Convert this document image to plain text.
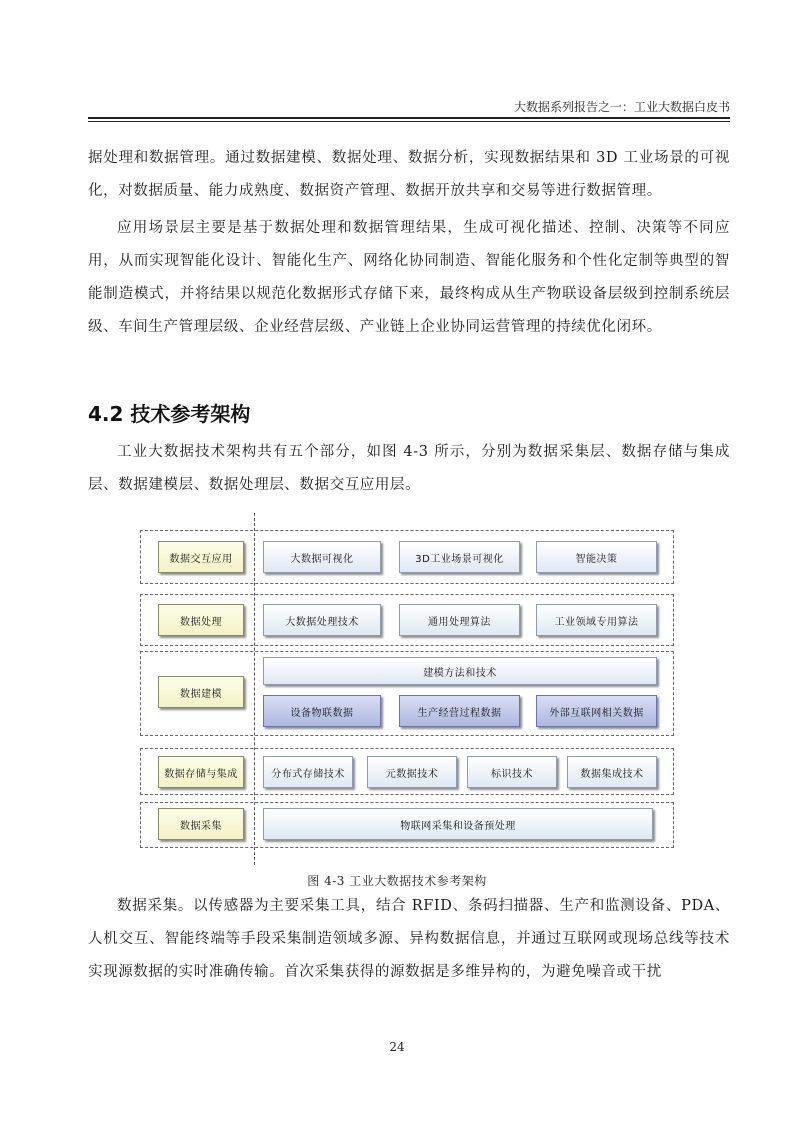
大数据系列报告之一：工业大数据白皮书

据处理和数据管理。通过数据建模、数据处理、数据分析，实现数据结果和 3D 工业场景的可视化，对数据质量、能力成熟度、数据资产管理、数据开放共享和交易等进行数据管理。

应用场景层主要是基于数据处理和数据管理结果，生成可视化描述、控制、决策等不同应用，从而实现智能化设计、智能化生产、网络化协同制造、智能化服务和个性化定制等典型的智能制造模式，并将结果以规范化数据形式存储下来，最终构成从生产物联设备层级到控制系统层级、车间生产管理层级、企业经营层级、产业链上企业协同运营管理的持续优化闭环。

4.2 技术参考架构

工业大数据技术架构共有五个部分，如图 4-3 所示，分别为数据采集层、数据存储与集成层、数据建模层、数据处理层、数据交互应用层。

数据交互应用	大数据可视化	3D工业场景可视化	智能决策
数据处理	大数据处理技术	通用处理算法	工业领域专用算法
数据建模
建模方法和技术
设备物联数据	生产经营过程数据	外部互联网相关数据
数据存储与集成	分布式存储技术	元数据技术	标识技术	数据集成技术
数据采集	物联网采集和设备预处理
图 4-3 工业大数据技术参考架构

数据采集。以传感器为主要采集工具，结合 RFID、条码扫描器、生产和监测设备、PDA、人机交互、智能终端等手段采集制造领域多源、异构数据信息，并通过互联网或现场总线等技术实现源数据的实时准确传输。首次采集获得的源数据是多维异构的，为避免噪音或干扰

24
